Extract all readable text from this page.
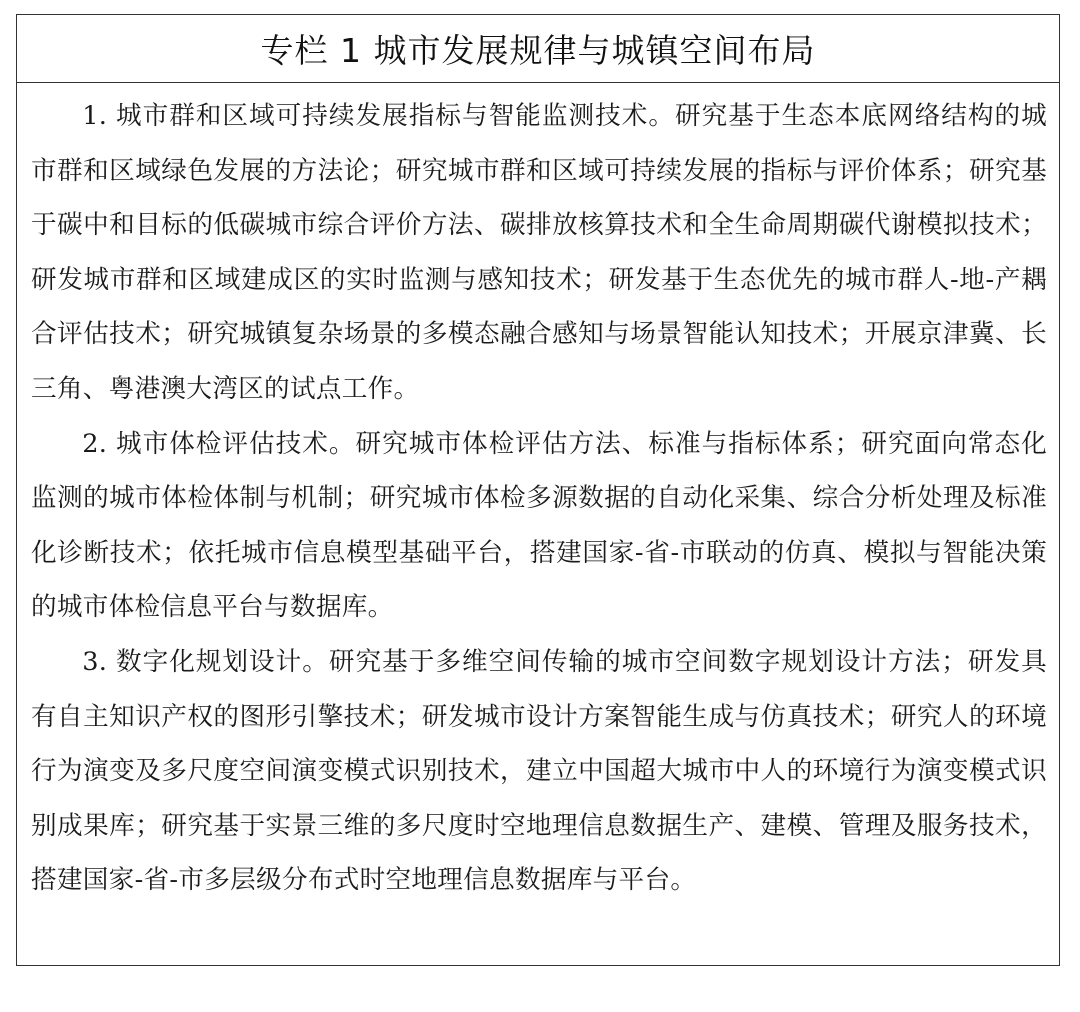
专栏 1 城市发展规律与城镇空间布局

1. 城市群和区域可持续发展指标与智能监测技术。研究基于生态本底网络结构的城市群和区域绿色发展的方法论；研究城市群和区域可持续发展的指标与评价体系；研究基于碳中和目标的低碳城市综合评价方法、碳排放核算技术和全生命周期碳代谢模拟技术；研发城市群和区域建成区的实时监测与感知技术；研发基于生态优先的城市群人-地-产耦合评估技术；研究城镇复杂场景的多模态融合感知与场景智能认知技术；开展京津冀、长三角、粤港澳大湾区的试点工作。

2. 城市体检评估技术。研究城市体检评估方法、标准与指标体系；研究面向常态化监测的城市体检体制与机制；研究城市体检多源数据的自动化采集、综合分析处理及标准化诊断技术；依托城市信息模型基础平台，搭建国家-省-市联动的仿真、模拟与智能决策的城市体检信息平台与数据库。

3. 数字化规划设计。研究基于多维空间传输的城市空间数字规划设计方法；研发具有自主知识产权的图形引擎技术；研发城市设计方案智能生成与仿真技术；研究人的环境行为演变及多尺度空间演变模式识别技术，建立中国超大城市中人的环境行为演变模式识别成果库；研究基于实景三维的多尺度时空地理信息数据生产、建模、管理及服务技术，搭建国家-省-市多层级分布式时空地理信息数据库与平台。
